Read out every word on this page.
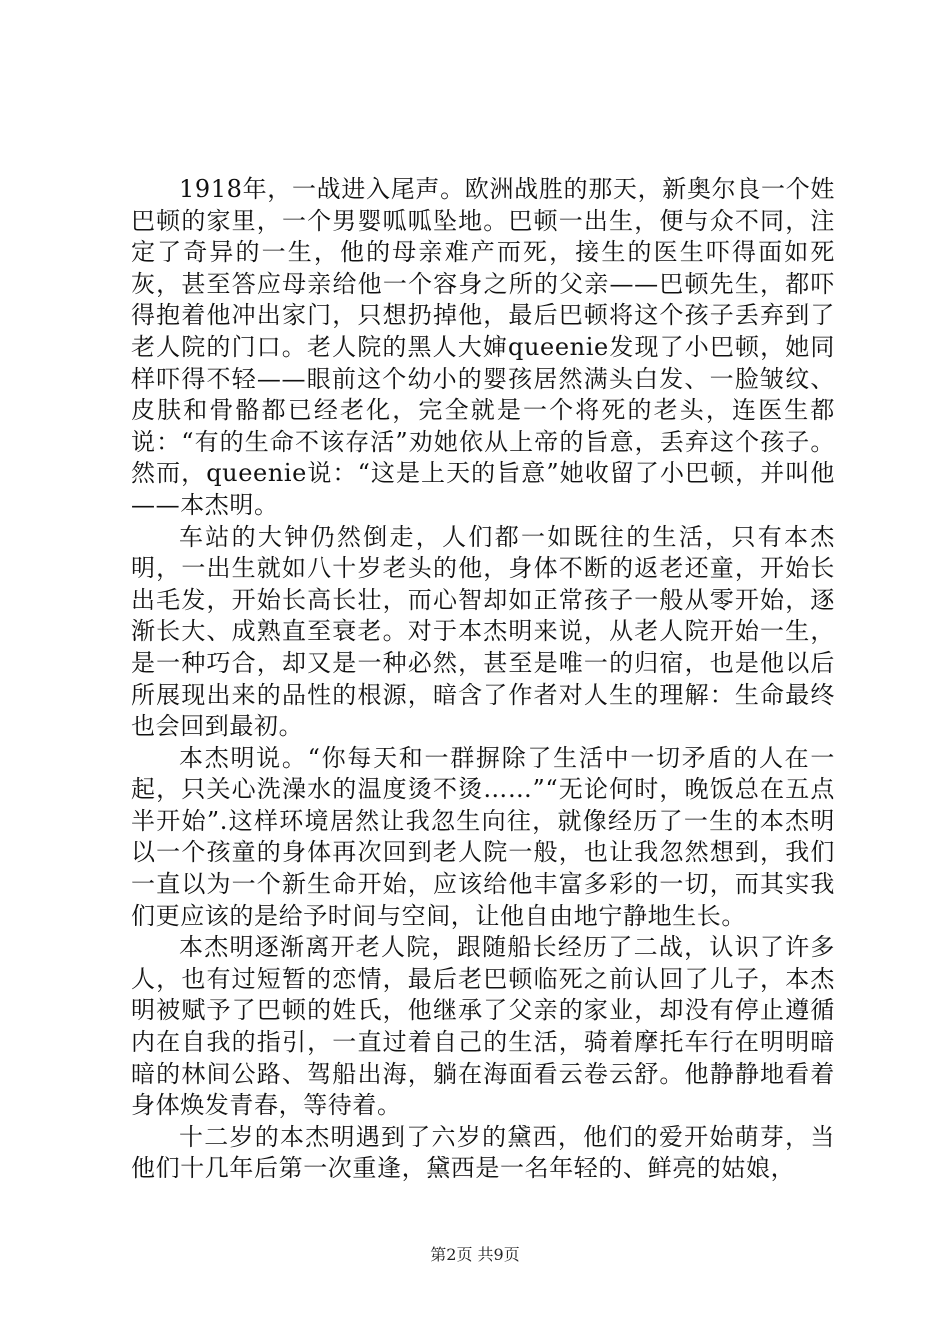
1918年，一战进入尾声。欧洲战胜的那天，新奥尔良一个姓巴顿的家里，一个男婴呱呱坠地。巴顿一出生，便与众不同，注定了奇异的一生，他的母亲难产而死，接生的医生吓得面如死灰，甚至答应母亲给他一个容身之所的父亲——巴顿先生，都吓得抱着他冲出家门，只想扔掉他，最后巴顿将这个孩子丢弃到了老人院的门口。老人院的黑人大婶queenie发现了小巴顿，她同样吓得不轻——眼前这个幼小的婴孩居然满头白发、一脸皱纹、皮肤和骨骼都已经老化，完全就是一个将死的老头，连医生都说：“有的生命不该存活”劝她依从上帝的旨意，丢弃这个孩子。然而，queenie说：“这是上天的旨意”她收留了小巴顿，并叫他——本杰明。

车站的大钟仍然倒走，人们都一如既往的生活，只有本杰明，一出生就如八十岁老头的他，身体不断的返老还童，开始长出毛发，开始长高长壮，而心智却如正常孩子一般从零开始，逐渐长大、成熟直至衰老。对于本杰明来说，从老人院开始一生，是一种巧合，却又是一种必然，甚至是唯一的归宿，也是他以后所展现出来的品性的根源，暗含了作者对人生的理解：生命最终也会回到最初。

本杰明说。“你每天和一群摒除了生活中一切矛盾的人在一起，只关心洗澡水的温度烫不烫……”“无论何时，晚饭总在五点半开始”.这样环境居然让我忽生向往，就像经历了一生的本杰明以一个孩童的身体再次回到老人院一般，也让我忽然想到，我们一直以为一个新生命开始，应该给他丰富多彩的一切，而其实我们更应该的是给予时间与空间，让他自由地宁静地生长。

本杰明逐渐离开老人院，跟随船长经历了二战，认识了许多人，也有过短暂的恋情，最后老巴顿临死之前认回了儿子，本杰明被赋予了巴顿的姓氏，他继承了父亲的家业，却没有停止遵循内在自我的指引，一直过着自己的生活，骑着摩托车行在明明暗暗的林间公路、驾船出海，躺在海面看云卷云舒。他静静地看着身体焕发青春，等待着。

十二岁的本杰明遇到了六岁的黛西，他们的爱开始萌芽，当他们十几年后第一次重逢，黛西是一名年轻的、鲜亮的姑娘，

第2页 共9页
